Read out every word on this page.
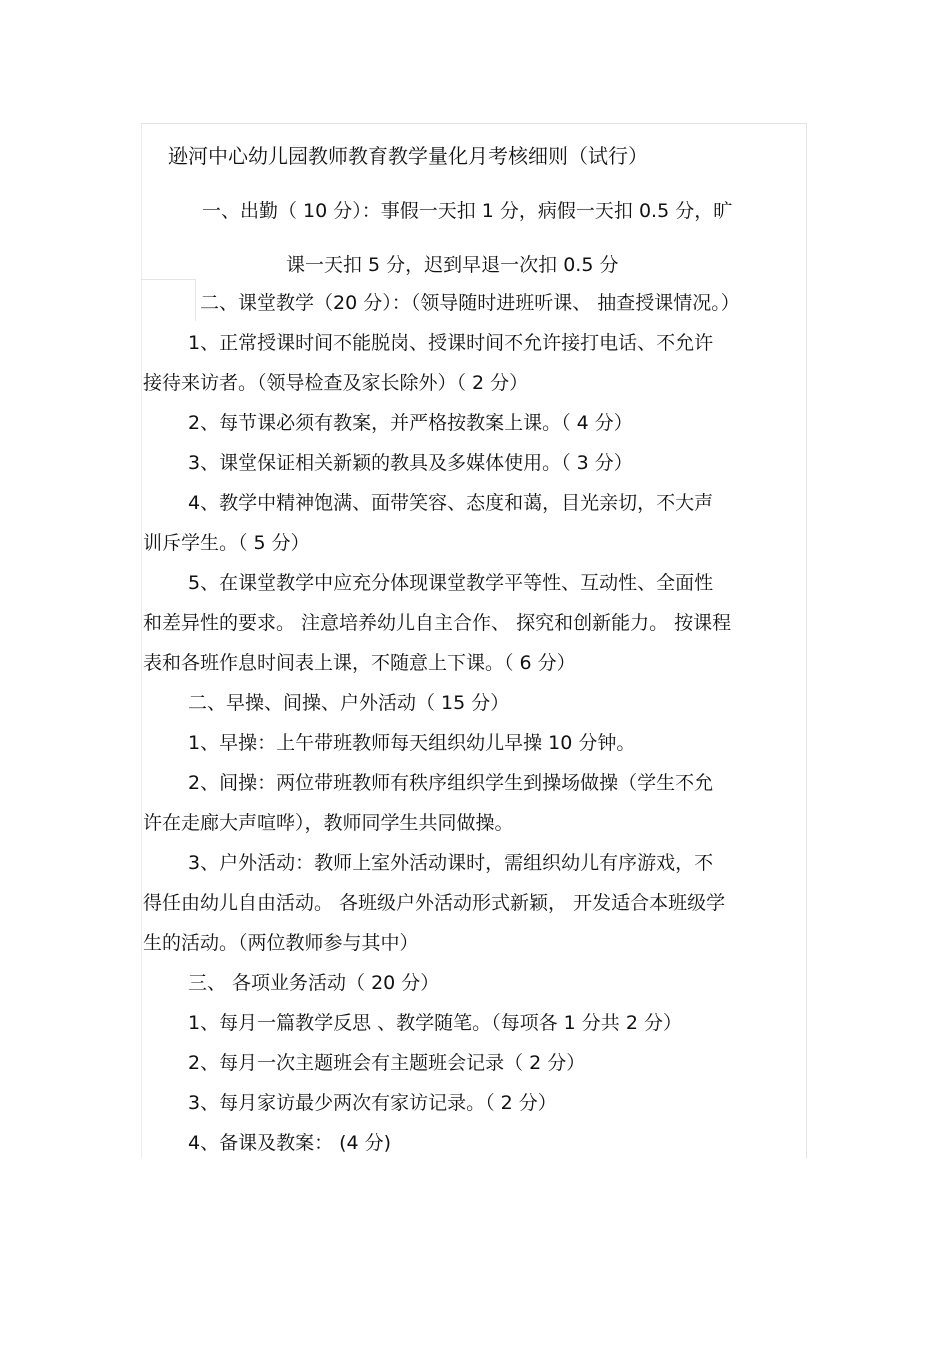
逊河中心幼儿园教师教育教学量化月考核细则（试行）
一、出勤（ 10 分）：事假一天扣 1 分，病假一天扣 0.5 分，旷
课一天扣 5 分，迟到早退一次扣 0.5 分
二、课堂教学（20 分）：（领导随时进班听课、 抽查授课情况。）
1、正常授课时间不能脱岗、授课时间不允许接打电话、不允许
接待来访者。（领导检查及家长除外）（ 2 分）
2、每节课必须有教案，并严格按教案上课。（ 4 分）
3、课堂保证相关新颖的教具及多媒体使用。（ 3 分）
4、教学中精神饱满、面带笑容、态度和蔼，目光亲切，不大声
训斥学生。（ 5 分）
5、在课堂教学中应充分体现课堂教学平等性、互动性、全面性
和差异性的要求。 注意培养幼儿自主合作、 探究和创新能力。 按课程
表和各班作息时间表上课，不随意上下课。（ 6 分）
二、早操、间操、户外活动（ 15 分）
1、早操：上午带班教师每天组织幼儿早操 10 分钟。
2、间操：两位带班教师有秩序组织学生到操场做操（学生不允
许在走廊大声喧哗），教师同学生共同做操。
3、户外活动：教师上室外活动课时，需组织幼儿有序游戏，不
得任由幼儿自由活动。 各班级户外活动形式新颖， 开发适合本班级学
生的活动。（两位教师参与其中）
三、 各项业务活动（ 20 分）
1、每月一篇教学反思 、教学随笔。（每项各 1 分共 2 分）
2、每月一次主题班会有主题班会记录（ 2 分）
3、每月家访最少两次有家访记录。（ 2 分）
4、备课及教案： (4 分)
